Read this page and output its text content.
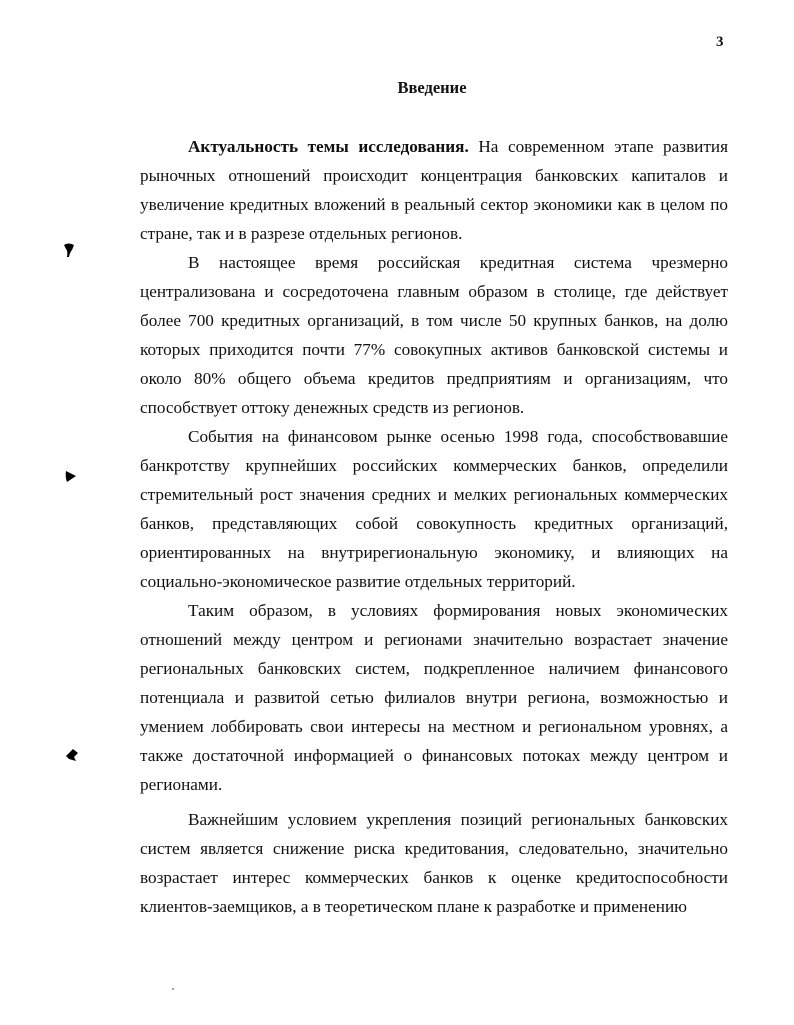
3
Введение

Актуальность темы исследования. На современном этапе развития рыночных отношений происходит концентрация банковских капиталов и увеличение кредитных вложений в реальный сектор экономики как в целом по стране, так и в разрезе отдельных регионов.

В настоящее время российская кредитная система чрезмерно централизована и сосредоточена главным образом в столице, где действует более 700 кредитных организаций, в том числе 50 крупных банков, на долю которых приходится почти 77% совокупных активов банковской системы и около 80% общего объема кредитов предприятиям и организациям, что способствует оттоку денежных средств из регионов.

События на финансовом рынке осенью 1998 года, способствовавшие банкротству крупнейших российских коммерческих банков, определили стремительный рост значения средних и мелких региональных коммерческих банков, представляющих собой совокупность кредитных организаций, ориентированных на внутрирегиональную экономику, и влияющих на социально-экономическое развитие отдельных территорий.

Таким образом, в условиях формирования новых экономических отношений между центром и регионами значительно возрастает значение региональных банковских систем, подкрепленное наличием финансового потенциала и развитой сетью филиалов внутри региона, возможностью и умением лоббировать свои интересы на местном и региональном уровнях, а также достаточной информацией о финансовых потоках между центром и регионами.

Важнейшим условием укрепления позиций региональных банковских систем является снижение риска кредитования, следовательно, значительно возрастает интерес коммерческих банков к оценке кредитоспособности клиентов-заемщиков, а в теоретическом плане к разработке и применению
